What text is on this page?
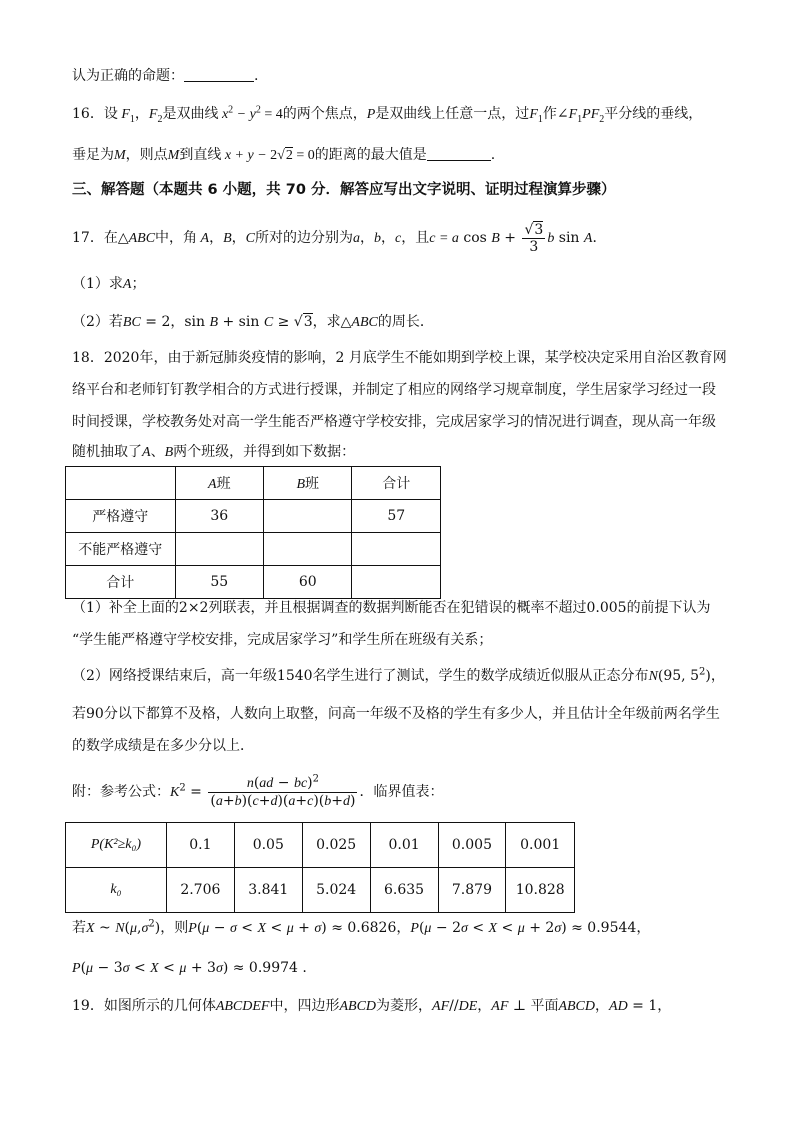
认为正确的命题：	.
16．设 $F_1$，$F_2$是双曲线 $x^2 - y^2 = 4$的两个焦点，P是双曲线上任意一点，过$F_1$作$\angle F_1PF_2$平分线的垂线，
垂足为M，则点M到直线 x + y − 2√2 = 0的距离的最大值是	.
三、解答题（本题共 6 小题，共 70 分．解答应写出文字说明、证明过程演算步骤）
17．在△ABC中，角 A，B，C所对的边分别为a，b，c，且c = a $\cos B + \frac{√3}{3}$ b sin A．
（1）求A；
（2）若BC = 2，sin B + sin C ≥ √3，求△ABC的周长．
18．2020年，由于新冠肺炎疫情的影响，2 月底学生不能如期到学校上课，某学校决定采用自治区教育网
络平台和老师钉钉教学相合的方式进行授课，并制定了相应的网络学习规章制度，学生居家学习经过一段
时间授课，学校教务处对高一学生能否严格遵守学校安排，完成居家学习的情况进行调查，现从高一年级
随机抽取了A、B两个班级，并得到如下数据：
	A班	B班	合计
严格遵守	36		57
不能严格遵守			
合计	55	60	
（1）补全上面的2×2列联表，并且根据调查的数据判断能否在犯错误的概率不超过0.005的前提下认为
“学生能严格遵守学校安排，完成居家学习”和学生所在班级有关系；
（2）网络授课结束后，高一年级1540名学生进行了测试，学生的数学成绩近似服从正态分布N(95, $5^2$)，
若90分以下都算不及格，人数向上取整，问高一年级不及格的学生有多少人，并且估计全年级前两名学生
的数学成绩是在多少分以上．
附：参考公式：$K^2 = \frac{n(ad - bc)^2}{(a+b)(c+d)(a+c)(b+d)}$ ．临界值表：
P(K²≥k₀)	0.1	0.05	0.025	0.01	0.005	0.001
k₀	2.706	3.841	5.024	6.635	7.879	10.828
若X ~ $N(\mu,\sigma^2)$，则P(μ − σ < X < μ + σ) ≈ 0.6826，P(μ − 2σ < X < μ + 2σ) ≈ 0.9544，
P(μ − 3σ < X < μ + 3σ) ≈ 0.9974 .
19．如图所示的几何体ABCDEF中，四边形ABCD为菱形，AF//DE，AF ⊥ 平面ABCD，AD = 1，
